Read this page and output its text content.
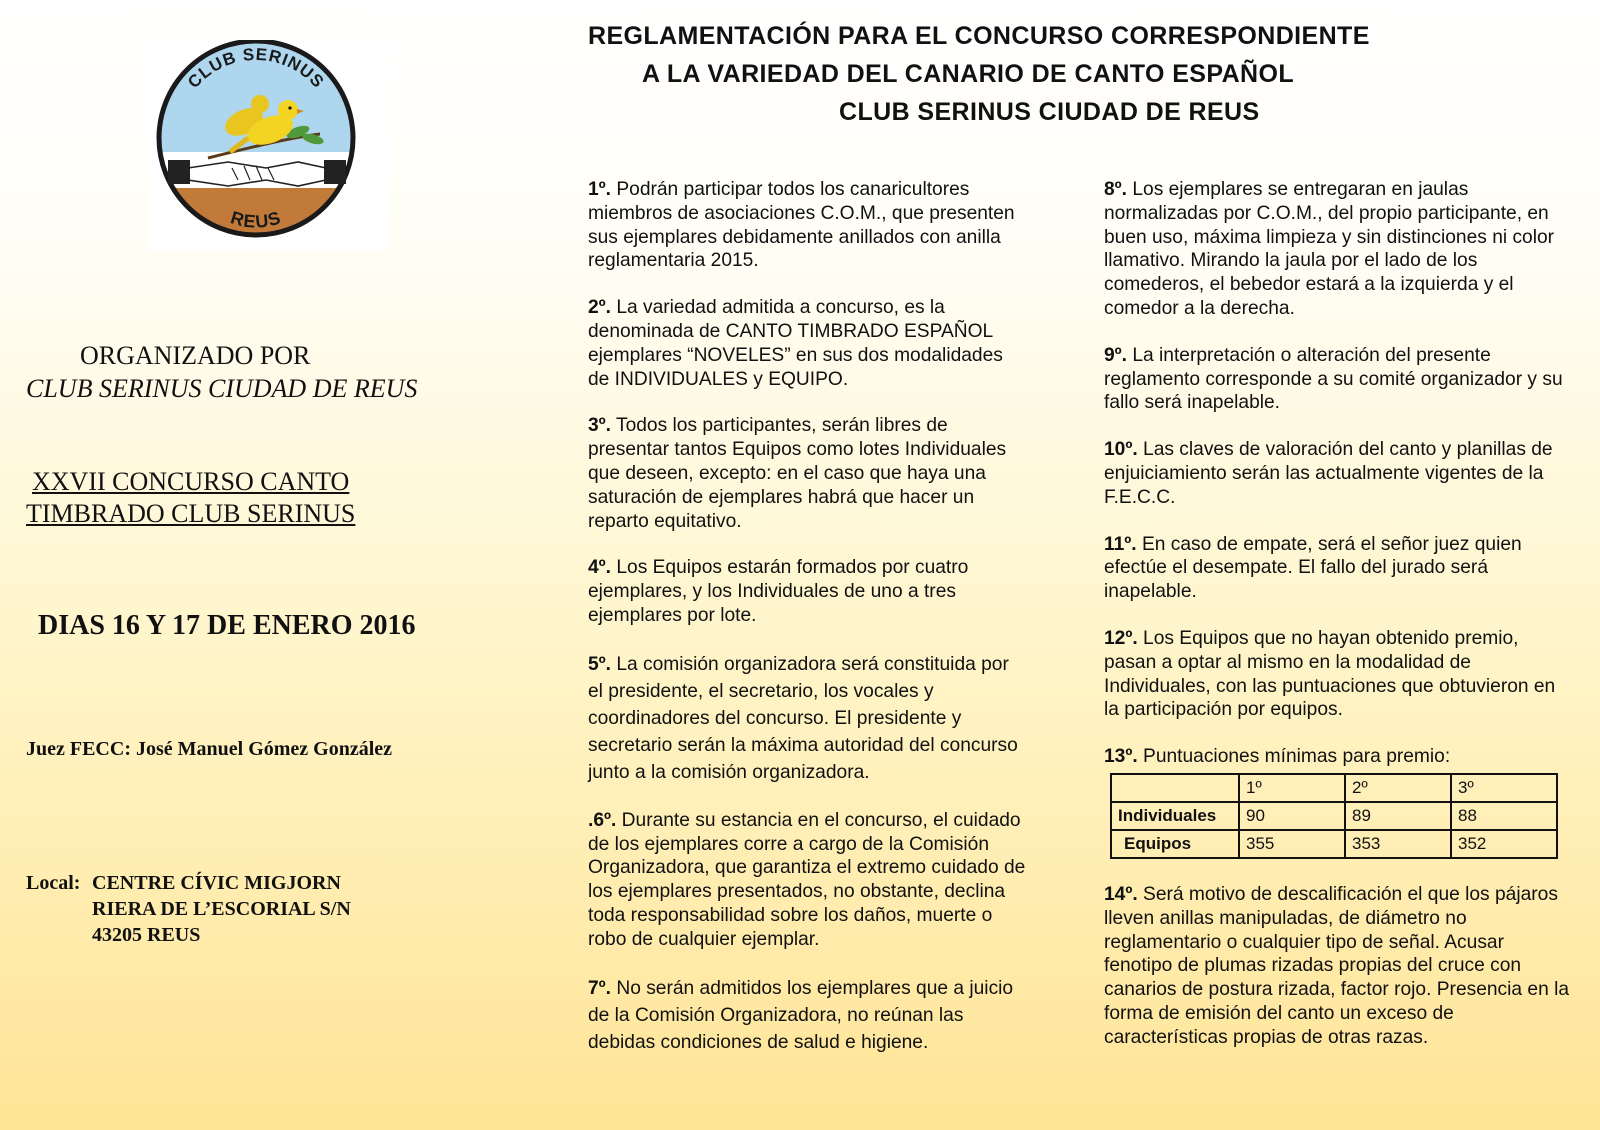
CLUB SERINUS
REUS
ORGANIZADO POR
CLUB SERINUS CIUDAD DE REUS
XXVII CONCURSO CANTO
TIMBRADO CLUB SERINUS
DIAS 16 Y 17 DE ENERO 2016
Juez FECC: José Manuel Gómez González
Local: CENTRE CÍVIC MIGJORN
RIERA DE L’ESCORIAL S/N
43205 REUS
REGLAMENTACIÓN PARA EL CONCURSO CORRESPONDIENTE
A LA VARIEDAD DEL CANARIO DE CANTO ESPAÑOL
CLUB SERINUS CIUDAD DE REUS

1º. Podrán participar todos los canaricultores miembros de asociaciones C.O.M., que presenten sus ejemplares debidamente anillados con anilla reglamentaria 2015.

2º. La variedad admitida a concurso, es la denominada de CANTO TIMBRADO ESPAÑOL ejemplares “NOVELES” en sus dos modalidades de INDIVIDUALES y EQUIPO.

3º. Todos los participantes, serán libres de presentar tantos Equipos como lotes Individuales que deseen, excepto: en el caso que haya una saturación de ejemplares habrá que hacer un reparto equitativo.

4º. Los Equipos estarán formados por cuatro ejemplares, y los Individuales de uno a tres ejemplares por lote.

5º. La comisión organizadora será constituida por el presidente, el secretario, los vocales y coordinadores del concurso. El presidente y secretario serán la máxima autoridad del concurso junto a la comisión organizadora.

.6º. Durante su estancia en el concurso, el cuidado de los ejemplares corre a cargo de la Comisión Organizadora, que garantiza el extremo cuidado de los ejemplares presentados, no obstante, declina toda responsabilidad sobre los daños, muerte o robo de cualquier ejemplar.

7º. No serán admitidos los ejemplares que a juicio de la Comisión Organizadora, no reúnan las debidas condiciones de salud e higiene.

8º. Los ejemplares se entregaran en jaulas normalizadas por C.O.M., del propio participante, en buen uso, máxima limpieza y sin distinciones ni color llamativo. Mirando la jaula por el lado de los comederos, el bebedor estará a la izquierda y el comedor a la derecha.

9º. La interpretación o alteración del presente reglamento corresponde a su comité organizador y su fallo será inapelable.

10º. Las claves de valoración del canto y planillas de enjuiciamiento serán las actualmente vigentes de la F.E.C.C.

11º. En caso de empate, será el señor juez quien efectúe el desempate. El fallo del jurado será inapelable.

12º. Los Equipos que no hayan obtenido premio, pasan a optar al mismo en la modalidad de Individuales, con las puntuaciones que obtuvieron en la participación por equipos.

13º. Puntuaciones mínimas para premio:

	1º	2º	3º
Individuales	90	89	88
Equipos	355	353	352

14º. Será motivo de descalificación el que los pájaros lleven anillas manipuladas, de diámetro no reglamentario o cualquier tipo de señal. Acusar fenotipo de plumas rizadas propias del cruce con canarios de postura rizada, factor rojo. Presencia en la forma de emisión del canto un exceso de características propias de otras razas.
